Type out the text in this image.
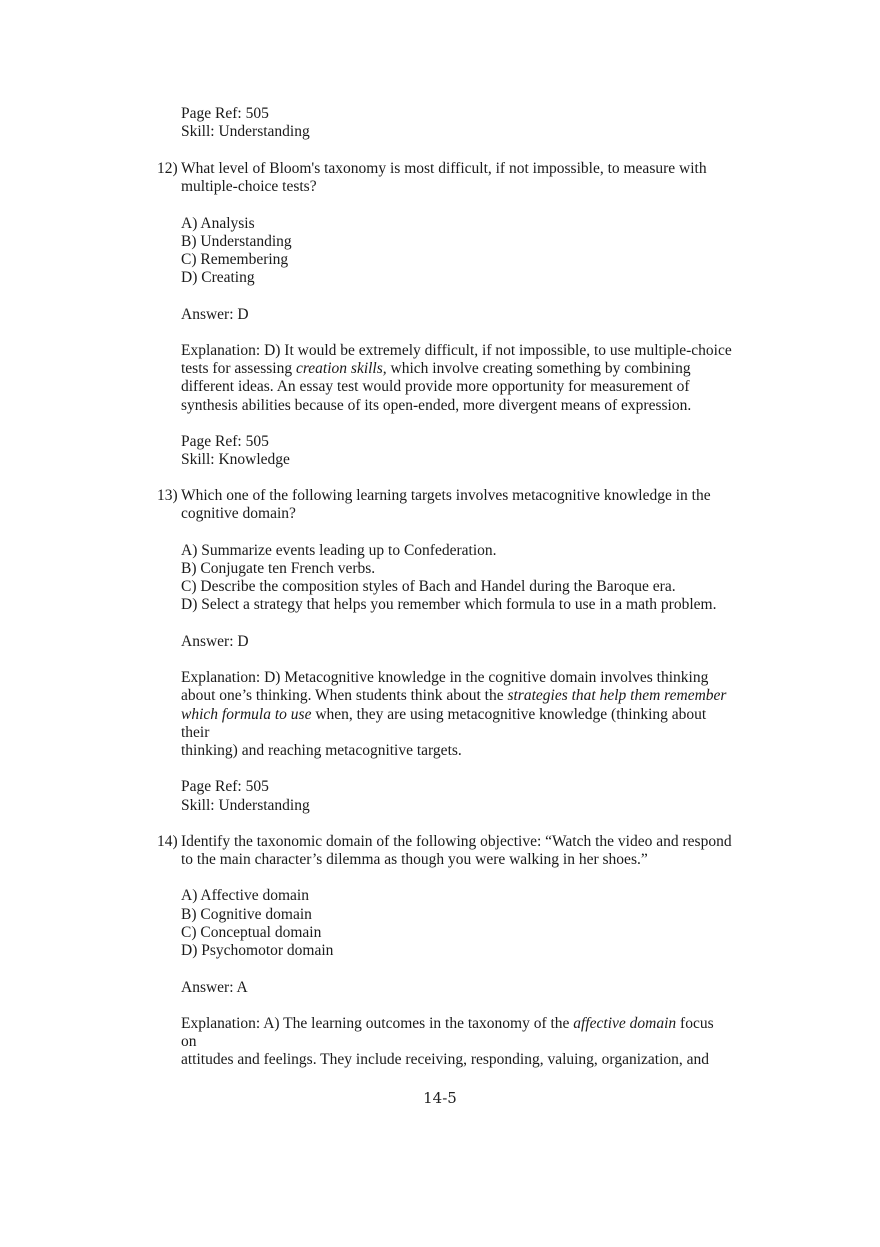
Page Ref: 505
Skill: Understanding
12) What level of Bloom's taxonomy is most difficult, if not impossible, to measure with
multiple-choice tests?
A) Analysis
B) Understanding
C) Remembering
D) Creating
Answer: D
Explanation: D) It would be extremely difficult, if not impossible, to use multiple-choice
tests for assessing creation skills, which involve creating something by combining
different ideas. An essay test would provide more opportunity for measurement of
synthesis abilities because of its open-ended, more divergent means of expression.
Page Ref: 505
Skill: Knowledge
13) Which one of the following learning targets involves metacognitive knowledge in the
cognitive domain?
A) Summarize events leading up to Confederation.
B) Conjugate ten French verbs.
C) Describe the composition styles of Bach and Handel during the Baroque era.
D) Select a strategy that helps you remember which formula to use in a math problem.
Answer: D
Explanation: D) Metacognitive knowledge in the cognitive domain involves thinking
about one’s thinking. When students think about the strategies that help them remember
which formula to use when, they are using metacognitive knowledge (thinking about
their
thinking) and reaching metacognitive targets.
Page Ref: 505
Skill: Understanding
14) Identify the taxonomic domain of the following objective: “Watch the video and respond
to the main character’s dilemma as though you were walking in her shoes.”
A) Affective domain
B) Cognitive domain
C) Conceptual domain
D) Psychomotor domain
Answer: A
Explanation: A) The learning outcomes in the taxonomy of the affective domain focus
on
attitudes and feelings. They include receiving, responding, valuing, organization, and
14-5
